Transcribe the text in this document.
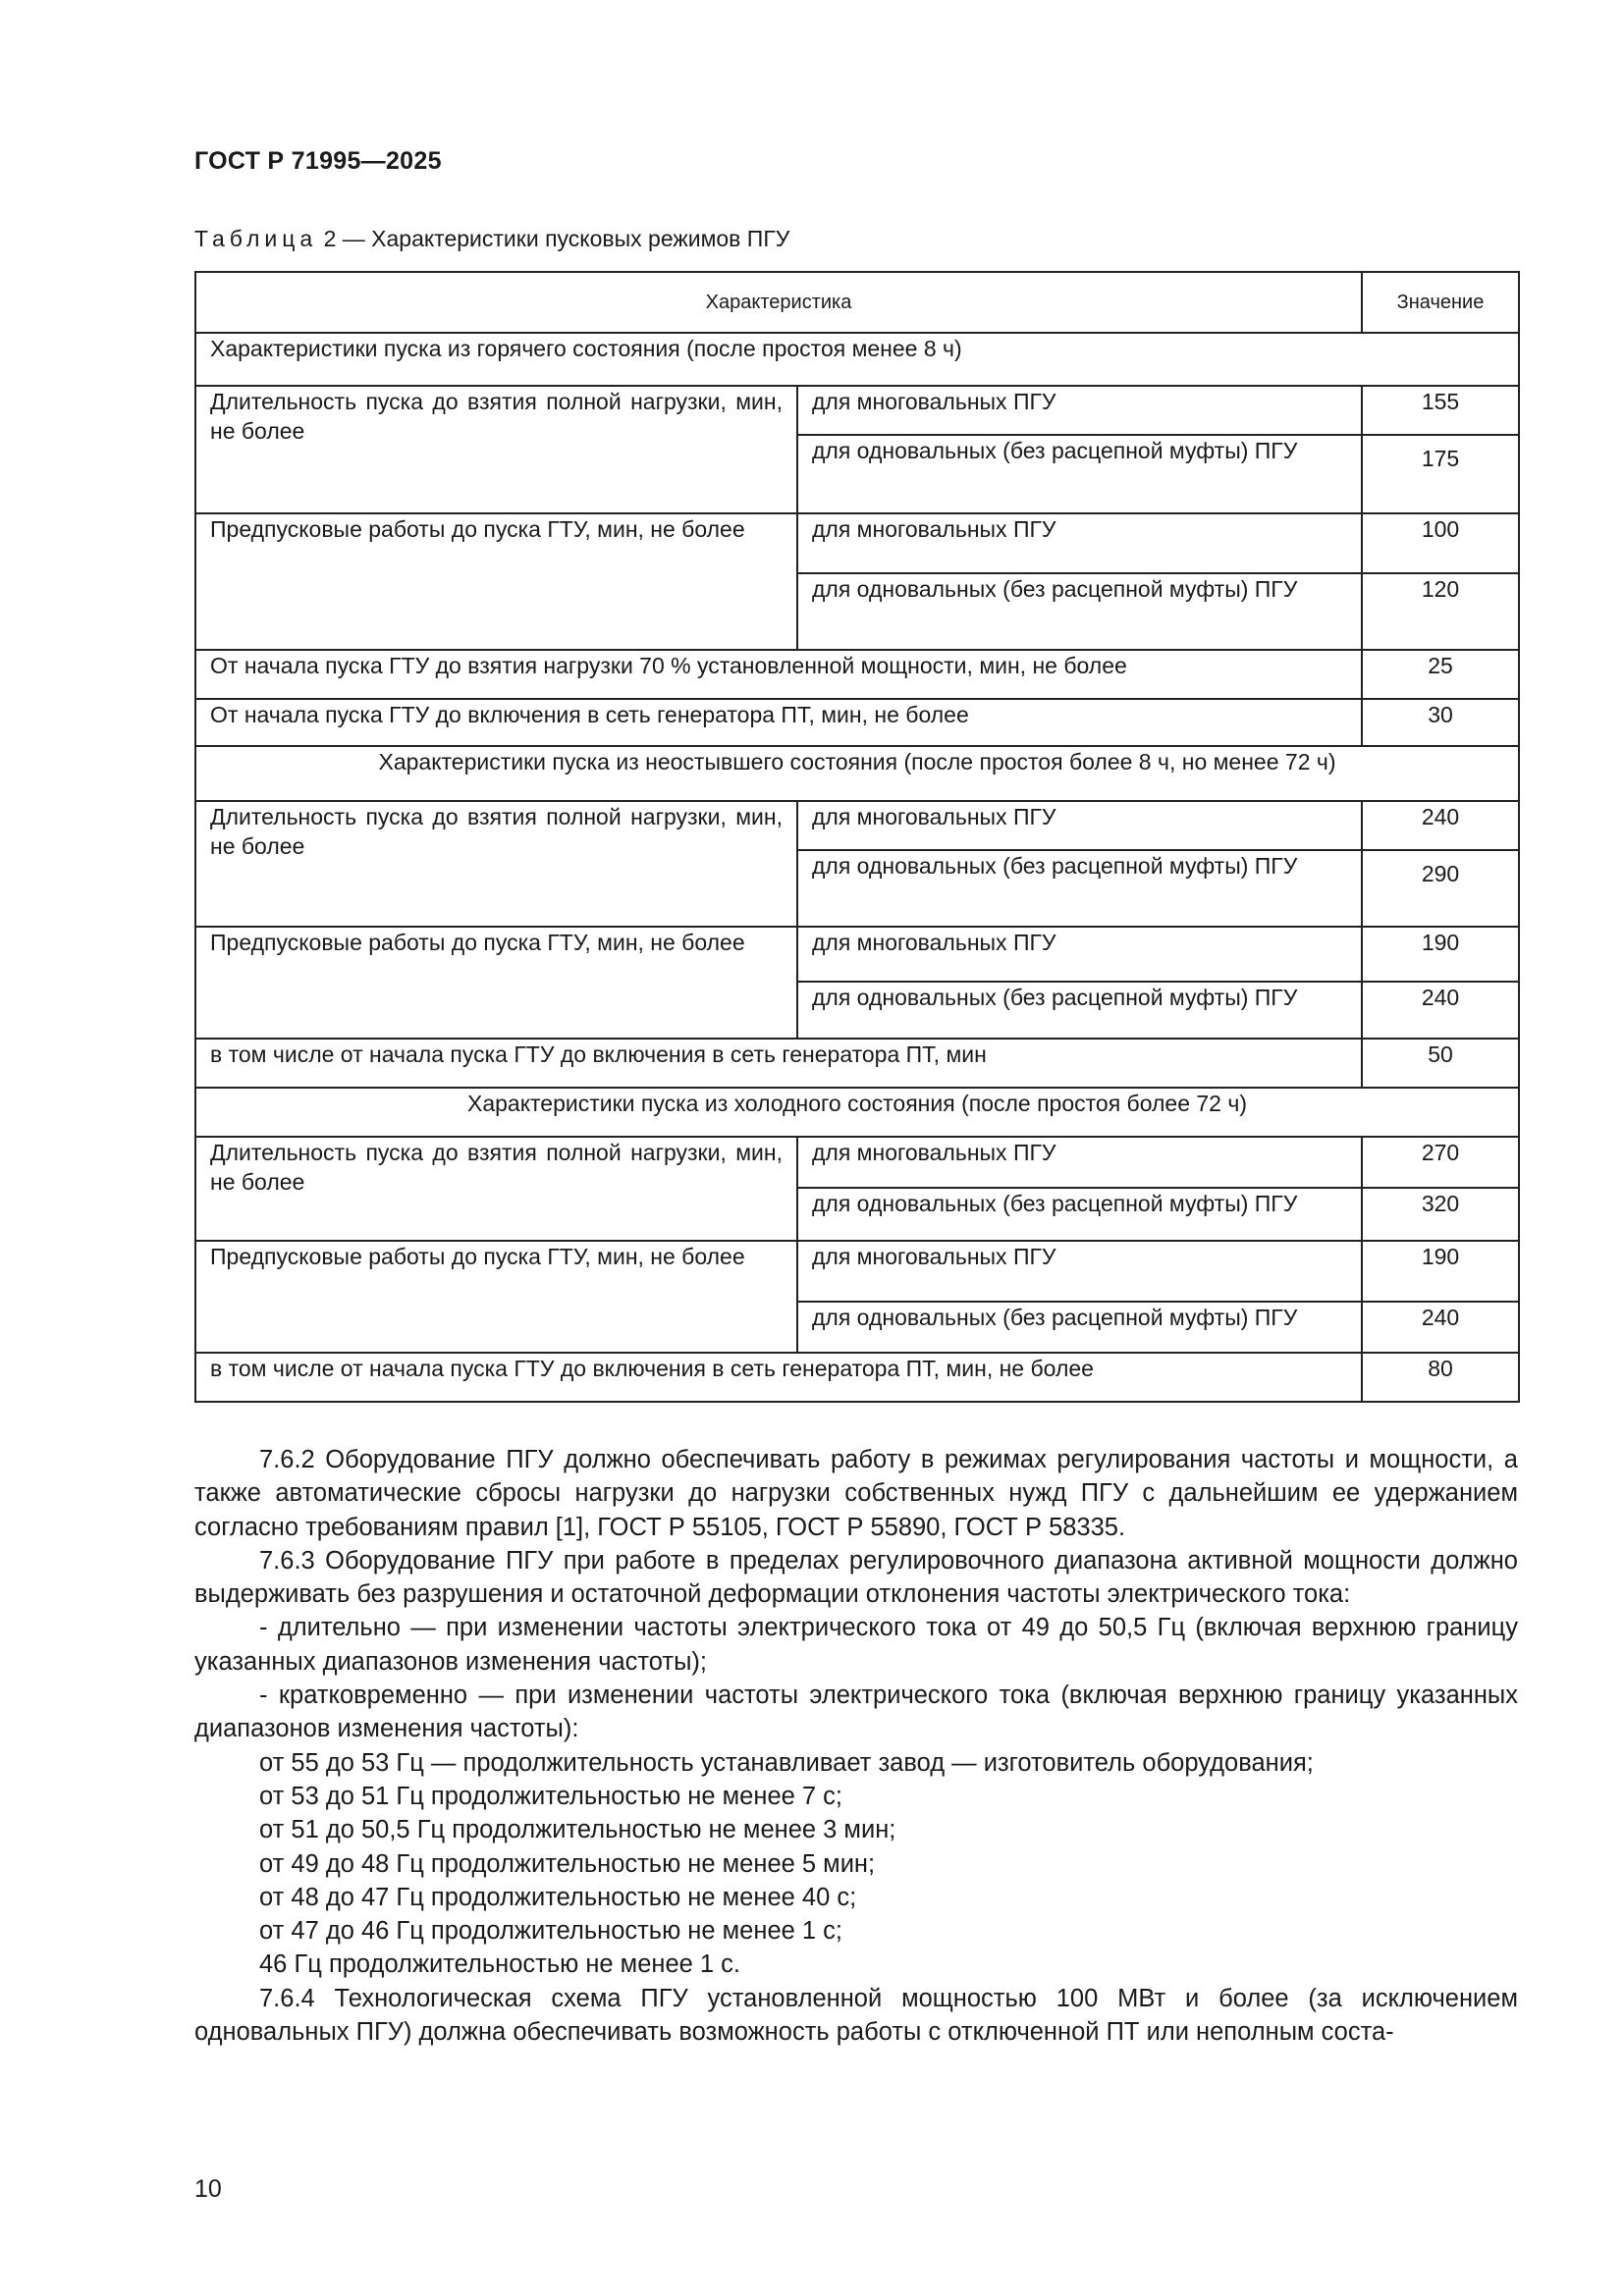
ГОСТ Р 71995—2025
Таблица 2 — Характеристики пусковых режимов ПГУ
Характеристика		Значение
Характеристики пуска из горячего состояния (после простоя менее 8 ч)		
Длительность пуска до взятия полной нагрузки, мин, не более	для многовальных ПГУ	155
	для одновальных (без расцепной муфты) ПГУ	175
Предпусковые работы до пуска ГТУ, мин, не более	для многовальных ПГУ	100
	для одновальных (без расцепной муфты) ПГУ	120
От начала пуска ГТУ до взятия нагрузки 70 % установленной мощности, мин, не более		25
От начала пуска ГТУ до включения в сеть генератора ПТ, мин, не более		30
Характеристики пуска из неостывшего состояния (после простоя более 8 ч, но менее 72 ч)		
Длительность пуска до взятия полной нагрузки, мин, не более	для многовальных ПГУ	240
	для одновальных (без расцепной муфты) ПГУ	290
Предпусковые работы до пуска ГТУ, мин, не более	для многовальных ПГУ	190
	для одновальных (без расцепной муфты) ПГУ	240
в том числе от начала пуска ГТУ до включения в сеть генератора ПТ, мин		50
Характеристики пуска из холодного состояния (после простоя более 72 ч)		
Длительность пуска до взятия полной нагрузки, мин, не более	для многовальных ПГУ	270
	для одновальных (без расцепной муфты) ПГУ	320
Предпусковые работы до пуска ГТУ, мин, не более	для многовальных ПГУ	190
	для одновальных (без расцепной муфты) ПГУ	240
в том числе от начала пуска ГТУ до включения в сеть генератора ПТ, мин, не более		80

7.6.2 Оборудование ПГУ должно обеспечивать работу в режимах регулирования частоты и мощности, а также автоматические сбросы нагрузки до нагрузки собственных нужд ПГУ с дальнейшим ее удержанием согласно требованиям правил [1], ГОСТ Р 55105, ГОСТ Р 55890, ГОСТ Р 58335.

7.6.3 Оборудование ПГУ при работе в пределах регулировочного диапазона активной мощности должно выдерживать без разрушения и остаточной деформации отклонения частоты электрического тока:

- длительно — при изменении частоты электрического тока от 49 до 50,5 Гц (включая верхнюю границу указанных диапазонов изменения частоты);

- кратковременно — при изменении частоты электрического тока (включая верхнюю границу указанных диапазонов изменения частоты):

от 55 до 53 Гц — продолжительность устанавливает завод — изготовитель оборудования;

от 53 до 51 Гц продолжительностью не менее 7 с;

от 51 до 50,5 Гц продолжительностью не менее 3 мин;

от 49 до 48 Гц продолжительностью не менее 5 мин;

от 48 до 47 Гц продолжительностью не менее 40 с;

от 47 до 46 Гц продолжительностью не менее 1 с;

46 Гц продолжительностью не менее 1 с.

7.6.4 Технологическая схема ПГУ установленной мощностью 100 МВт и более (за исключением одновальных ПГУ) должна обеспечивать возможность работы с отключенной ПТ или неполным соста-

10
